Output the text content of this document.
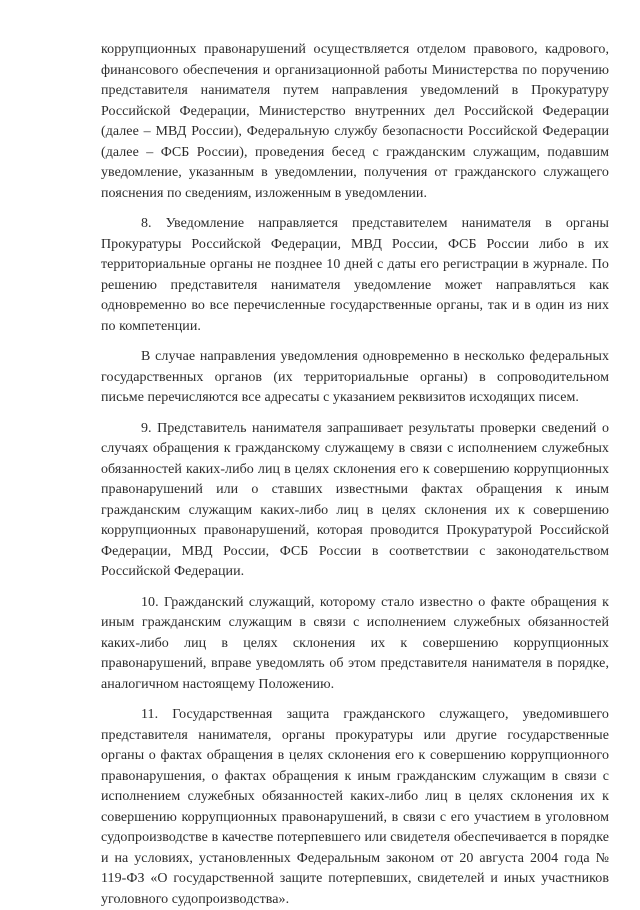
коррупционных правонарушений осуществляется отделом правового, кадрового, финансового обеспечения и организационной работы Министерства по поручению представителя нанимателя путем направления уведомлений в Прокуратуру Российской Федерации, Министерство внутренних дел Российской Федерации (далее – МВД России), Федеральную службу безопасности Российской Федерации (далее – ФСБ России), проведения бесед с гражданским служащим, подавшим уведомление, указанным в уведомлении, получения от гражданского служащего пояснения по сведениям, изложенным в уведомлении.

8. Уведомление направляется представителем нанимателя в органы Прокуратуры Российской Федерации, МВД России, ФСБ России либо в их территориальные органы не позднее 10 дней с даты его регистрации в журнале. По решению представителя нанимателя уведомление может направляться как одновременно во все перечисленные государственные органы, так и в один из них по компетенции.

В случае направления уведомления одновременно в несколько федеральных государственных органов (их территориальные органы) в сопроводительном письме перечисляются все адресаты с указанием реквизитов исходящих писем.

9. Представитель нанимателя запрашивает результаты проверки сведений о случаях обращения к гражданскому служащему в связи с исполнением служебных обязанностей каких-либо лиц в целях склонения его к совершению коррупционных правонарушений или о ставших известными фактах обращения к иным гражданским служащим каких-либо лиц в целях склонения их к совершению коррупционных правонарушений, которая проводится Прокуратурой Российской Федерации, МВД России, ФСБ России в соответствии с законодательством Российской Федерации.

10. Гражданский служащий, которому стало известно о факте обращения к иным гражданским служащим в связи с исполнением служебных обязанностей каких-либо лиц в целях склонения их к совершению коррупционных правонарушений, вправе уведомлять об этом представителя нанимателя в порядке, аналогичном настоящему Положению.

11. Государственная защита гражданского служащего, уведомившего представителя нанимателя, органы прокуратуры или другие государственные органы о фактах обращения в целях склонения его к совершению коррупционного правонарушения, о фактах обращения к иным гражданским служащим в связи с исполнением служебных обязанностей каких-либо лиц в целях склонения их к совершению коррупционных правонарушений, в связи с его участием в уголовном судопроизводстве в качестве потерпевшего или свидетеля обеспечивается в порядке и на условиях, установленных Федеральным законом от 20 августа 2004 года № 119-ФЗ «О государственной защите потерпевших, свидетелей и иных участников уголовного судопроизводства».
